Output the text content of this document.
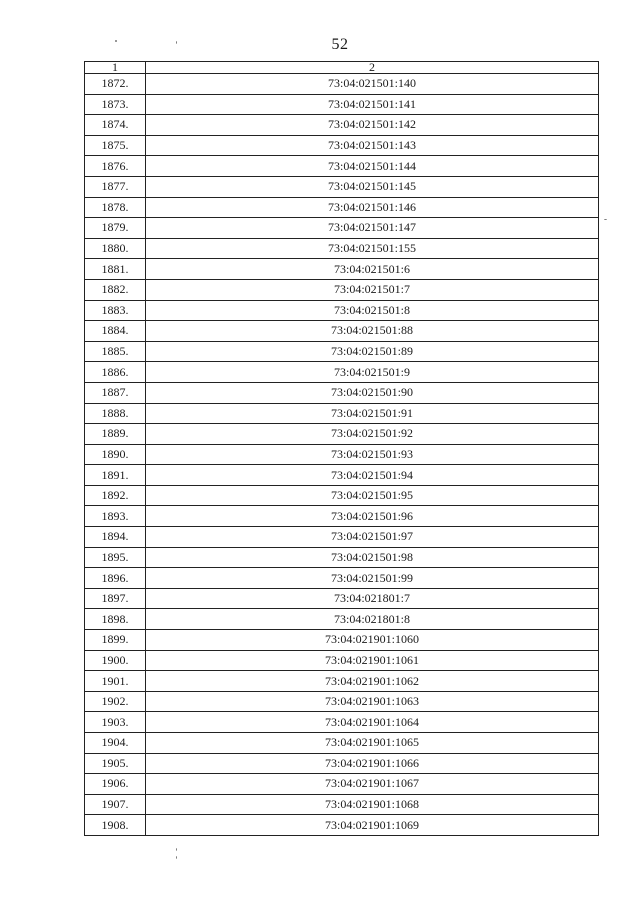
52
1	2
1872.	73:04:021501:140
1873.	73:04:021501:141
1874.	73:04:021501:142
1875.	73:04:021501:143
1876.	73:04:021501:144
1877.	73:04:021501:145
1878.	73:04:021501:146
1879.	73:04:021501:147
1880.	73:04:021501:155
1881.	73:04:021501:6
1882.	73:04:021501:7
1883.	73:04:021501:8
1884.	73:04:021501:88
1885.	73:04:021501:89
1886.	73:04:021501:9
1887.	73:04:021501:90
1888.	73:04:021501:91
1889.	73:04:021501:92
1890.	73:04:021501:93
1891.	73:04:021501:94
1892.	73:04:021501:95
1893.	73:04:021501:96
1894.	73:04:021501:97
1895.	73:04:021501:98
1896.	73:04:021501:99
1897.	73:04:021801:7
1898.	73:04:021801:8
1899.	73:04:021901:1060
1900.	73:04:021901:1061
1901.	73:04:021901:1062
1902.	73:04:021901:1063
1903.	73:04:021901:1064
1904.	73:04:021901:1065
1905.	73:04:021901:1066
1906.	73:04:021901:1067
1907.	73:04:021901:1068
1908.	73:04:021901:1069
